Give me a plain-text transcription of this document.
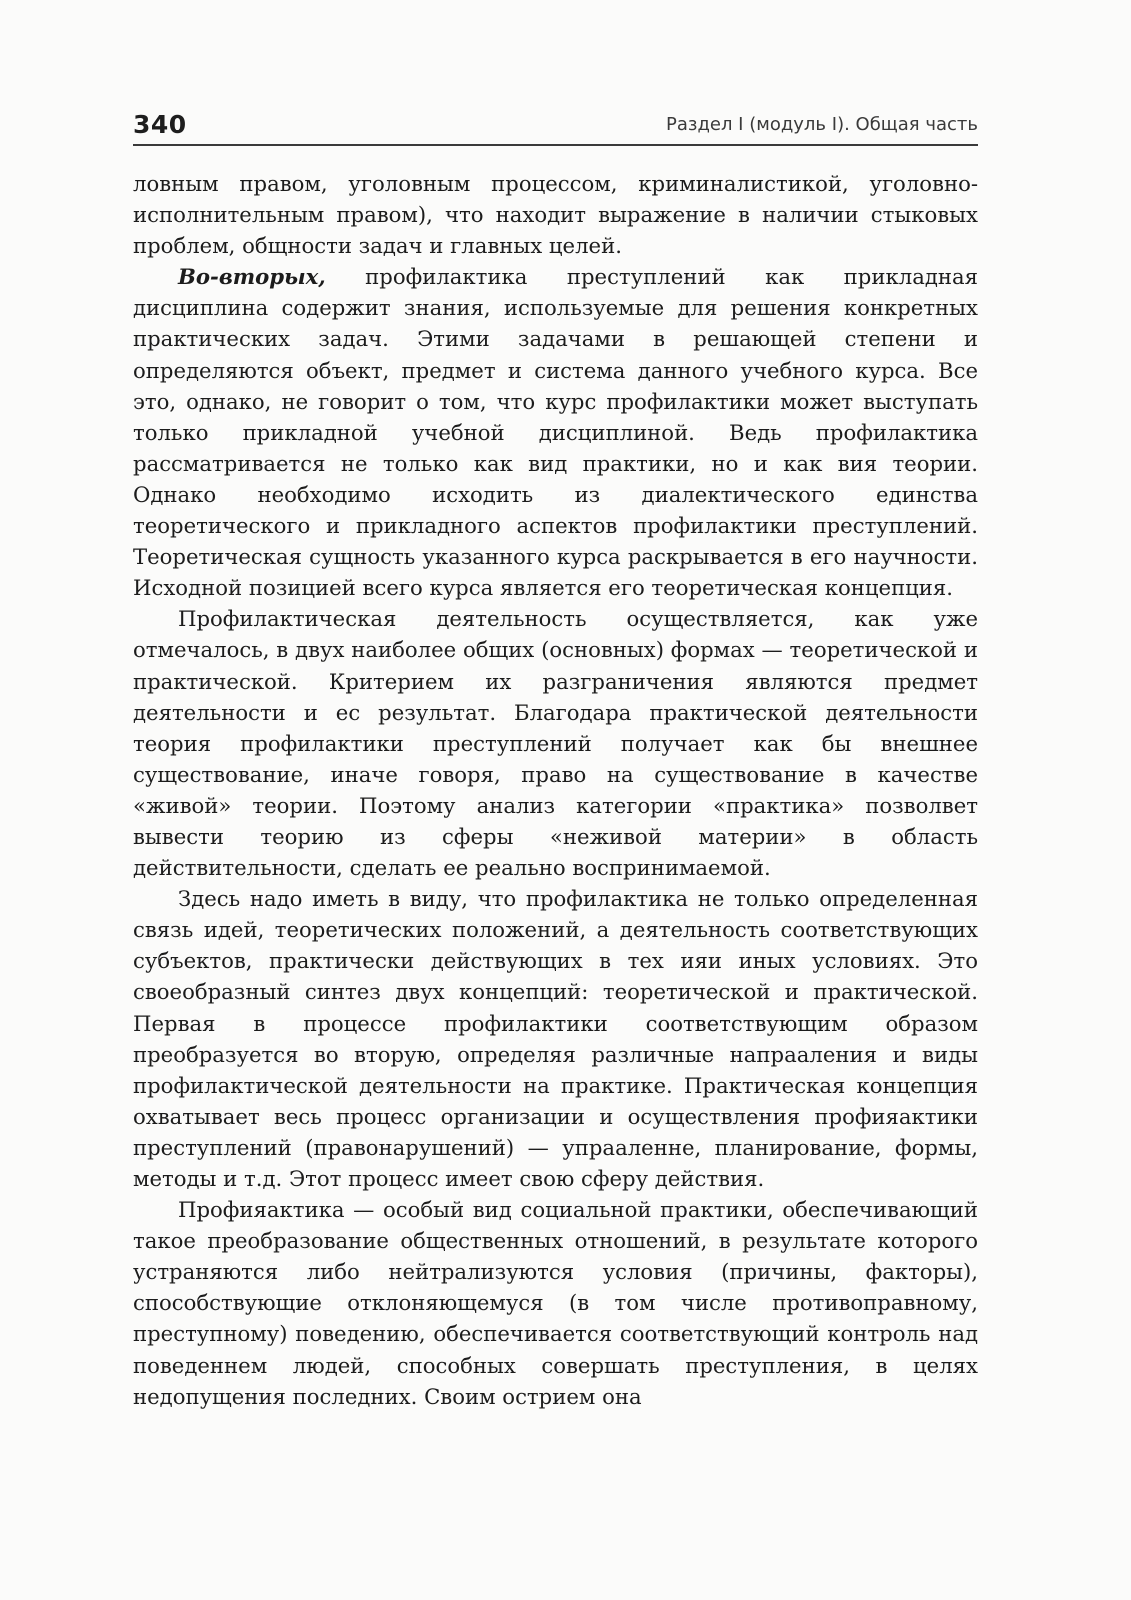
340	Раздел I (модуль I). Общая часть

ловным правом, уголовным процессом, криминалистикой, уголовно-исполнительным правом), что находит выражение в наличии стыковых проблем, общности задач и главных целей.

Во-вторых, профилактика преступлений как прикладная дисциплина содержит знания, используемые для решения конкретных практических задач. Этими задачами в решающей степени и определяются объект, предмет и система данного учебного курса. Все это, однако, не говорит о том, что курс профилактики может выступать только прикладной учебной дисциплиной. Ведь профилактика рассматривается не только как вид практики, но и как вия теории. Однако необходимо исходить из диалектического единства теоретического и прикладного аспектов профилактики преступлений. Теоретическая сущность указанного курса раскрывается в его научности. Исходной позицией всего курса является его теоретическая концепция.

Профилактическая деятельность осуществляется, как уже отмечалось, в двух наиболее общих (основных) формах — теоретической и практической. Критерием их разграничения являются предмет деятельности и ес результат. Благодара практической деятельности теория профилактики преступлений получает как бы внешнее существование, иначе говоря, право на существование в качестве «живой» теории. Поэтому анализ категории «практика» позволвет вывести теорию из сферы «неживой материи» в область действительности, сделать ее реально воспринимаемой.

Здесь надо иметь в виду, что профилактика не только определенная связь идей, теоретических положений, а деятельность соответствующих субъектов, практически действующих в тех ияи иных условиях. Это своеобразный синтез двух концепций: теоретической и практической. Первая в процессе профилактики соответствующим образом преобразуется во вторую, определяя различные напрааления и виды профилактической деятельности на практике. Практическая концепция охватывает весь процесс организации и осуществления профияактики преступлений (правонарушений) — упрааленне, планирование, формы, методы и т.д. Этот процесс имеет свою сферу действия.

Профияактика — особый вид социальной практики, обеспечивающий такое преобразование общественных отношений, в результате которого устраняются либо нейтрализуются условия (причины, факторы), способствующие отклоняющемуся (в том числе противоправному, преступному) поведению, обеспечивается соответствующий контроль над поведеннем людей, способных совершать преступления, в целях недопущения последних. Своим острием она
